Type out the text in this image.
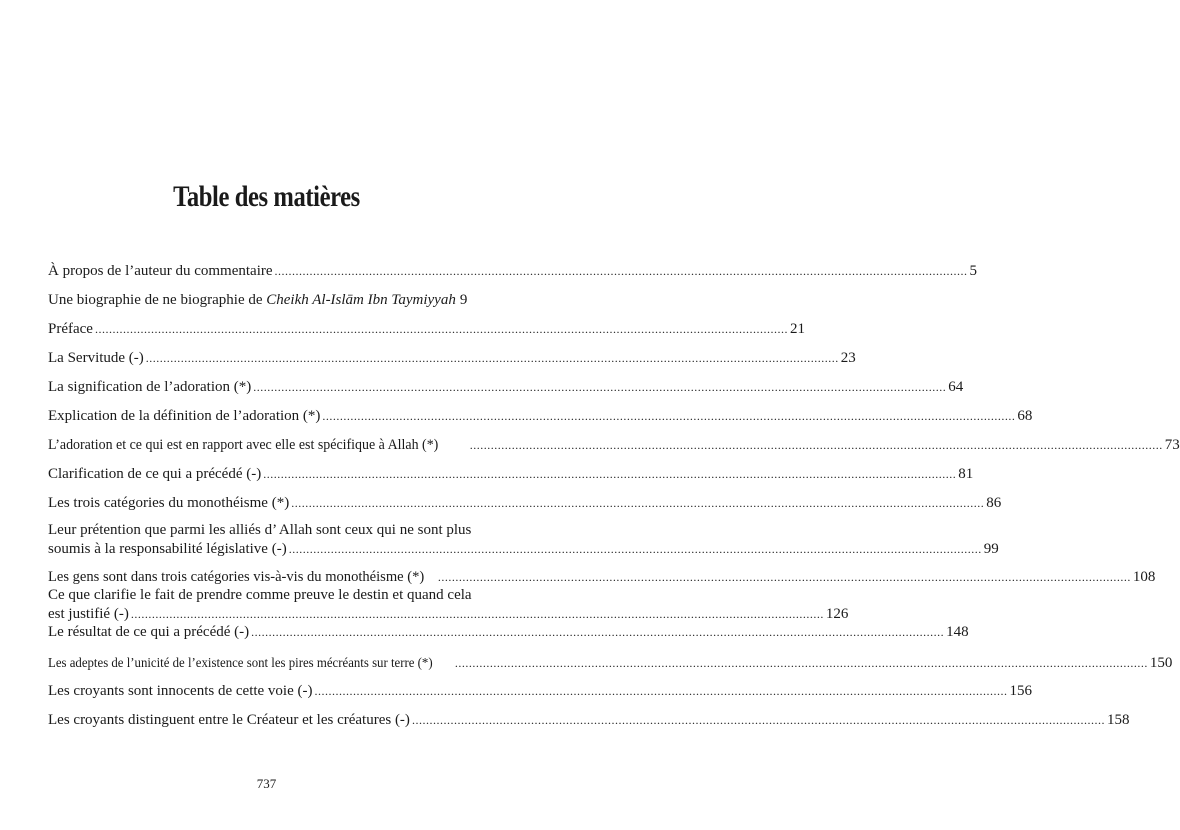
Table des matières
À propos de l’auteur du commentaire .....	5
Une biographie de ne biographie de Cheikh Al-Islām Ibn Taymiyyah 9
Préface .....	21
La Servitude (-) .....	23
La signification de l’adoration (*) .....	64
Explication de la définition de l’adoration (*) .....	68
L’adoration et ce qui est en rapport avec elle est spécifique à Allah (*) .....	73
Clarification de ce qui a précédé (-) .....	81
Les trois catégories du monothéisme (*) .....	86
Leur prétention que parmi les alliés d’ Allah sont ceux qui ne sont plus
soumis à la responsabilité législative (-) .....	99
Les gens sont dans trois catégories vis-à-vis du monothéisme (*) .....	108
Ce que clarifie le fait de prendre comme preuve le destin et quand cela
est justifié (-) .....	126
Le résultat de ce qui a précédé (-) .....	148
Les adeptes de l’unicité de l’existence sont les pires mécréants sur terre (*) .....	150
Les croyants sont innocents de cette voie (-) .....	156
Les croyants distinguent entre le Créateur et les créatures (-) .....	158
737
